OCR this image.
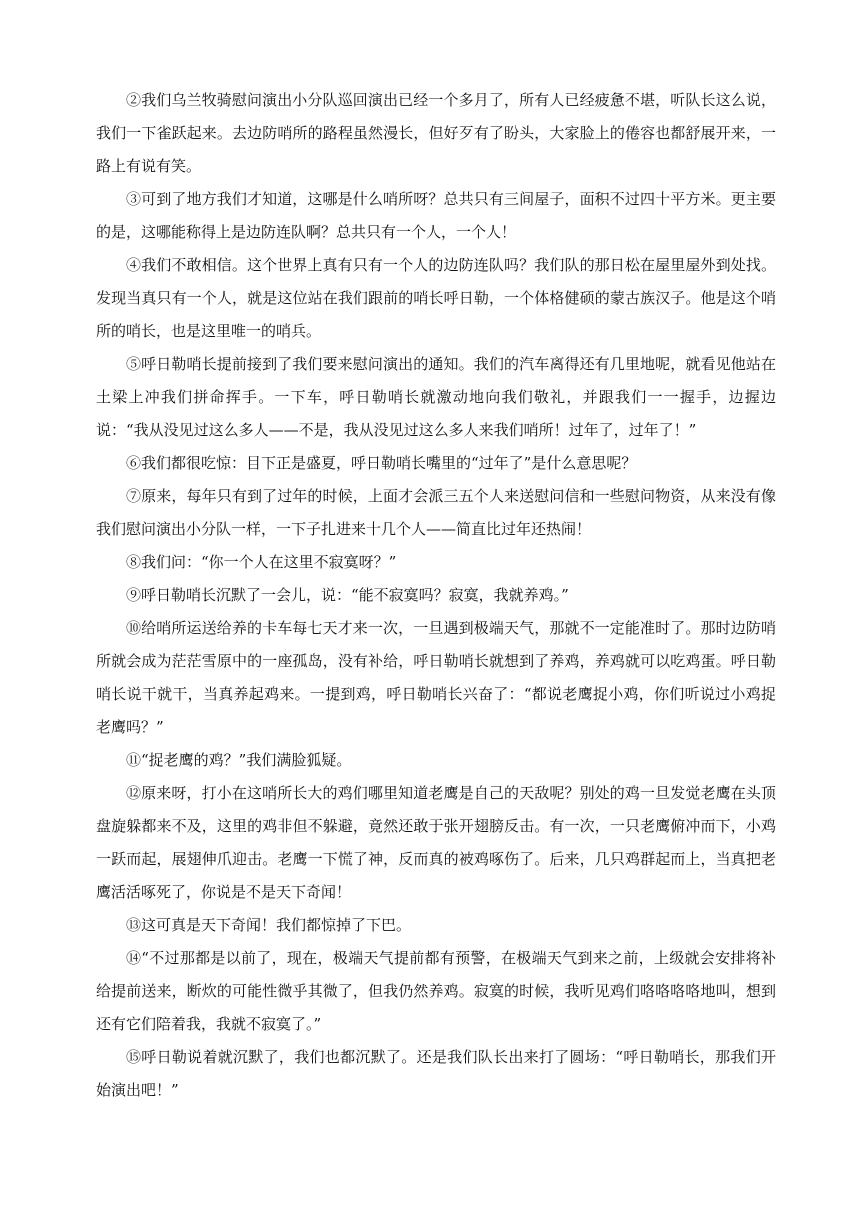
②我们乌兰牧骑慰问演出小分队巡回演出已经一个多月了，所有人已经疲惫不堪，听队长这么说，我们一下雀跃起来。去边防哨所的路程虽然漫长，但好歹有了盼头，大家脸上的倦容也都舒展开来，一路上有说有笑。

③可到了地方我们才知道，这哪是什么哨所呀？总共只有三间屋子，面积不过四十平方米。更主要的是，这哪能称得上是边防连队啊？总共只有一个人，一个人！

④我们不敢相信。这个世界上真有只有一个人的边防连队吗？我们队的那日松在屋里屋外到处找。发现当真只有一个人，就是这位站在我们跟前的哨长呼日勒，一个体格健硕的蒙古族汉子。他是这个哨所的哨长，也是这里唯一的哨兵。

⑤呼日勒哨长提前接到了我们要来慰问演出的通知。我们的汽车离得还有几里地呢，就看见他站在土梁上冲我们拼命挥手。一下车，呼日勒哨长就激动地向我们敬礼，并跟我们一一握手，边握边说：“我从没见过这么多人——不是，我从没见过这么多人来我们哨所！过年了，过年了！”

⑥我们都很吃惊：目下正是盛夏，呼日勒哨长嘴里的“过年了”是什么意思呢？

⑦原来，每年只有到了过年的时候，上面才会派三五个人来送慰问信和一些慰问物资，从来没有像我们慰问演出小分队一样，一下子扎进来十几个人——简直比过年还热闹！

⑧我们问：“你一个人在这里不寂寞呀？”

⑨呼日勒哨长沉默了一会儿，说：“能不寂寞吗？寂寞，我就养鸡。”

⑩给哨所运送给养的卡车每七天才来一次，一旦遇到极端天气，那就不一定能准时了。那时边防哨所就会成为茫茫雪原中的一座孤岛，没有补给，呼日勒哨长就想到了养鸡，养鸡就可以吃鸡蛋。呼日勒哨长说干就干，当真养起鸡来。一提到鸡，呼日勒哨长兴奋了：“都说老鹰捉小鸡，你们听说过小鸡捉老鹰吗？”

⑪“捉老鹰的鸡？”我们满脸狐疑。

⑫原来呀，打小在这哨所长大的鸡们哪里知道老鹰是自己的天敌呢？别处的鸡一旦发觉老鹰在头顶盘旋躲都来不及，这里的鸡非但不躲避，竟然还敢于张开翅膀反击。有一次，一只老鹰俯冲而下，小鸡一跃而起，展翅伸爪迎击。老鹰一下慌了神，反而真的被鸡啄伤了。后来，几只鸡群起而上，当真把老鹰活活啄死了，你说是不是天下奇闻！

⑬这可真是天下奇闻！我们都惊掉了下巴。

⑭“不过那都是以前了，现在，极端天气提前都有预警，在极端天气到来之前，上级就会安排将补给提前送来，断炊的可能性微乎其微了，但我仍然养鸡。寂寞的时候，我听见鸡们咯咯咯咯地叫，想到还有它们陪着我，我就不寂寞了。”

⑮呼日勒说着就沉默了，我们也都沉默了。还是我们队长出来打了圆场：“呼日勒哨长，那我们开始演出吧！”
